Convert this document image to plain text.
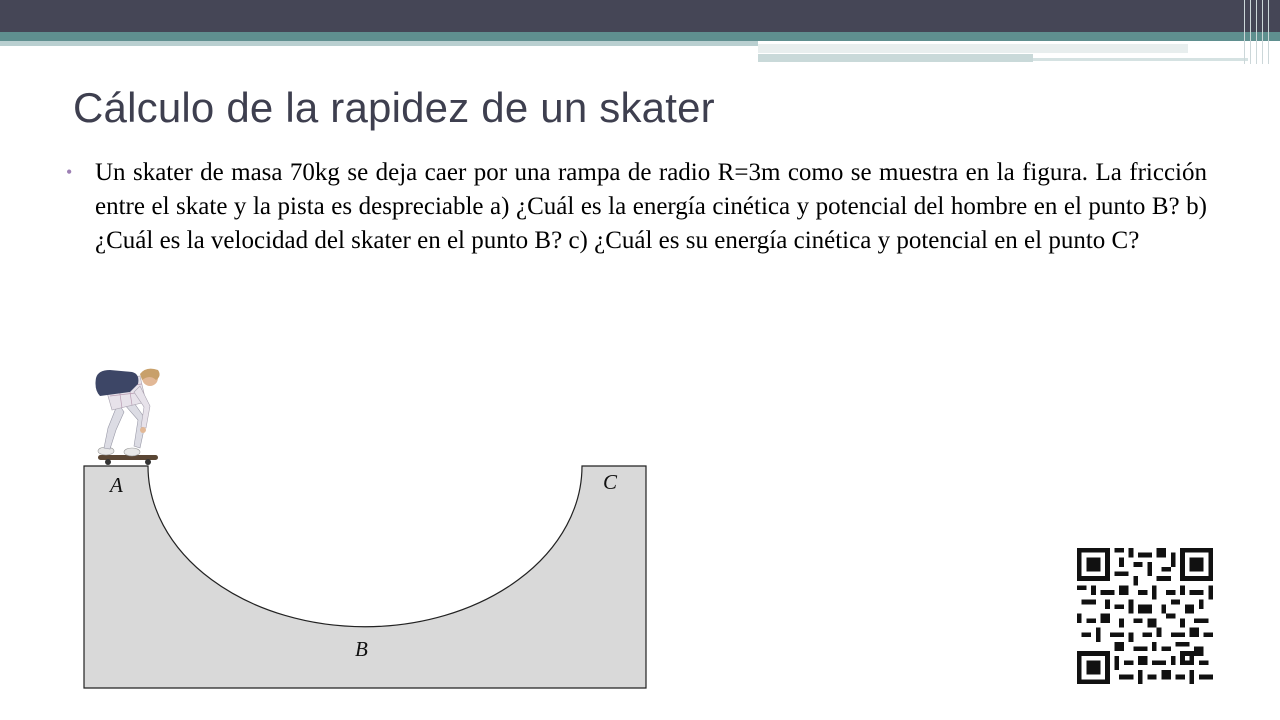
Cálculo de la rapidez de un skater
• Un skater de masa 70kg se deja caer por una rampa de radio R=3m como se muestra en la figura. La fricción entre el skate y la pista es despreciable a) ¿Cuál es la energía cinética y potencial del hombre en el punto B? b) ¿Cuál es la velocidad del skater en el punto B? c) ¿Cuál es su energía cinética y potencial en el punto C?

A	C
B
